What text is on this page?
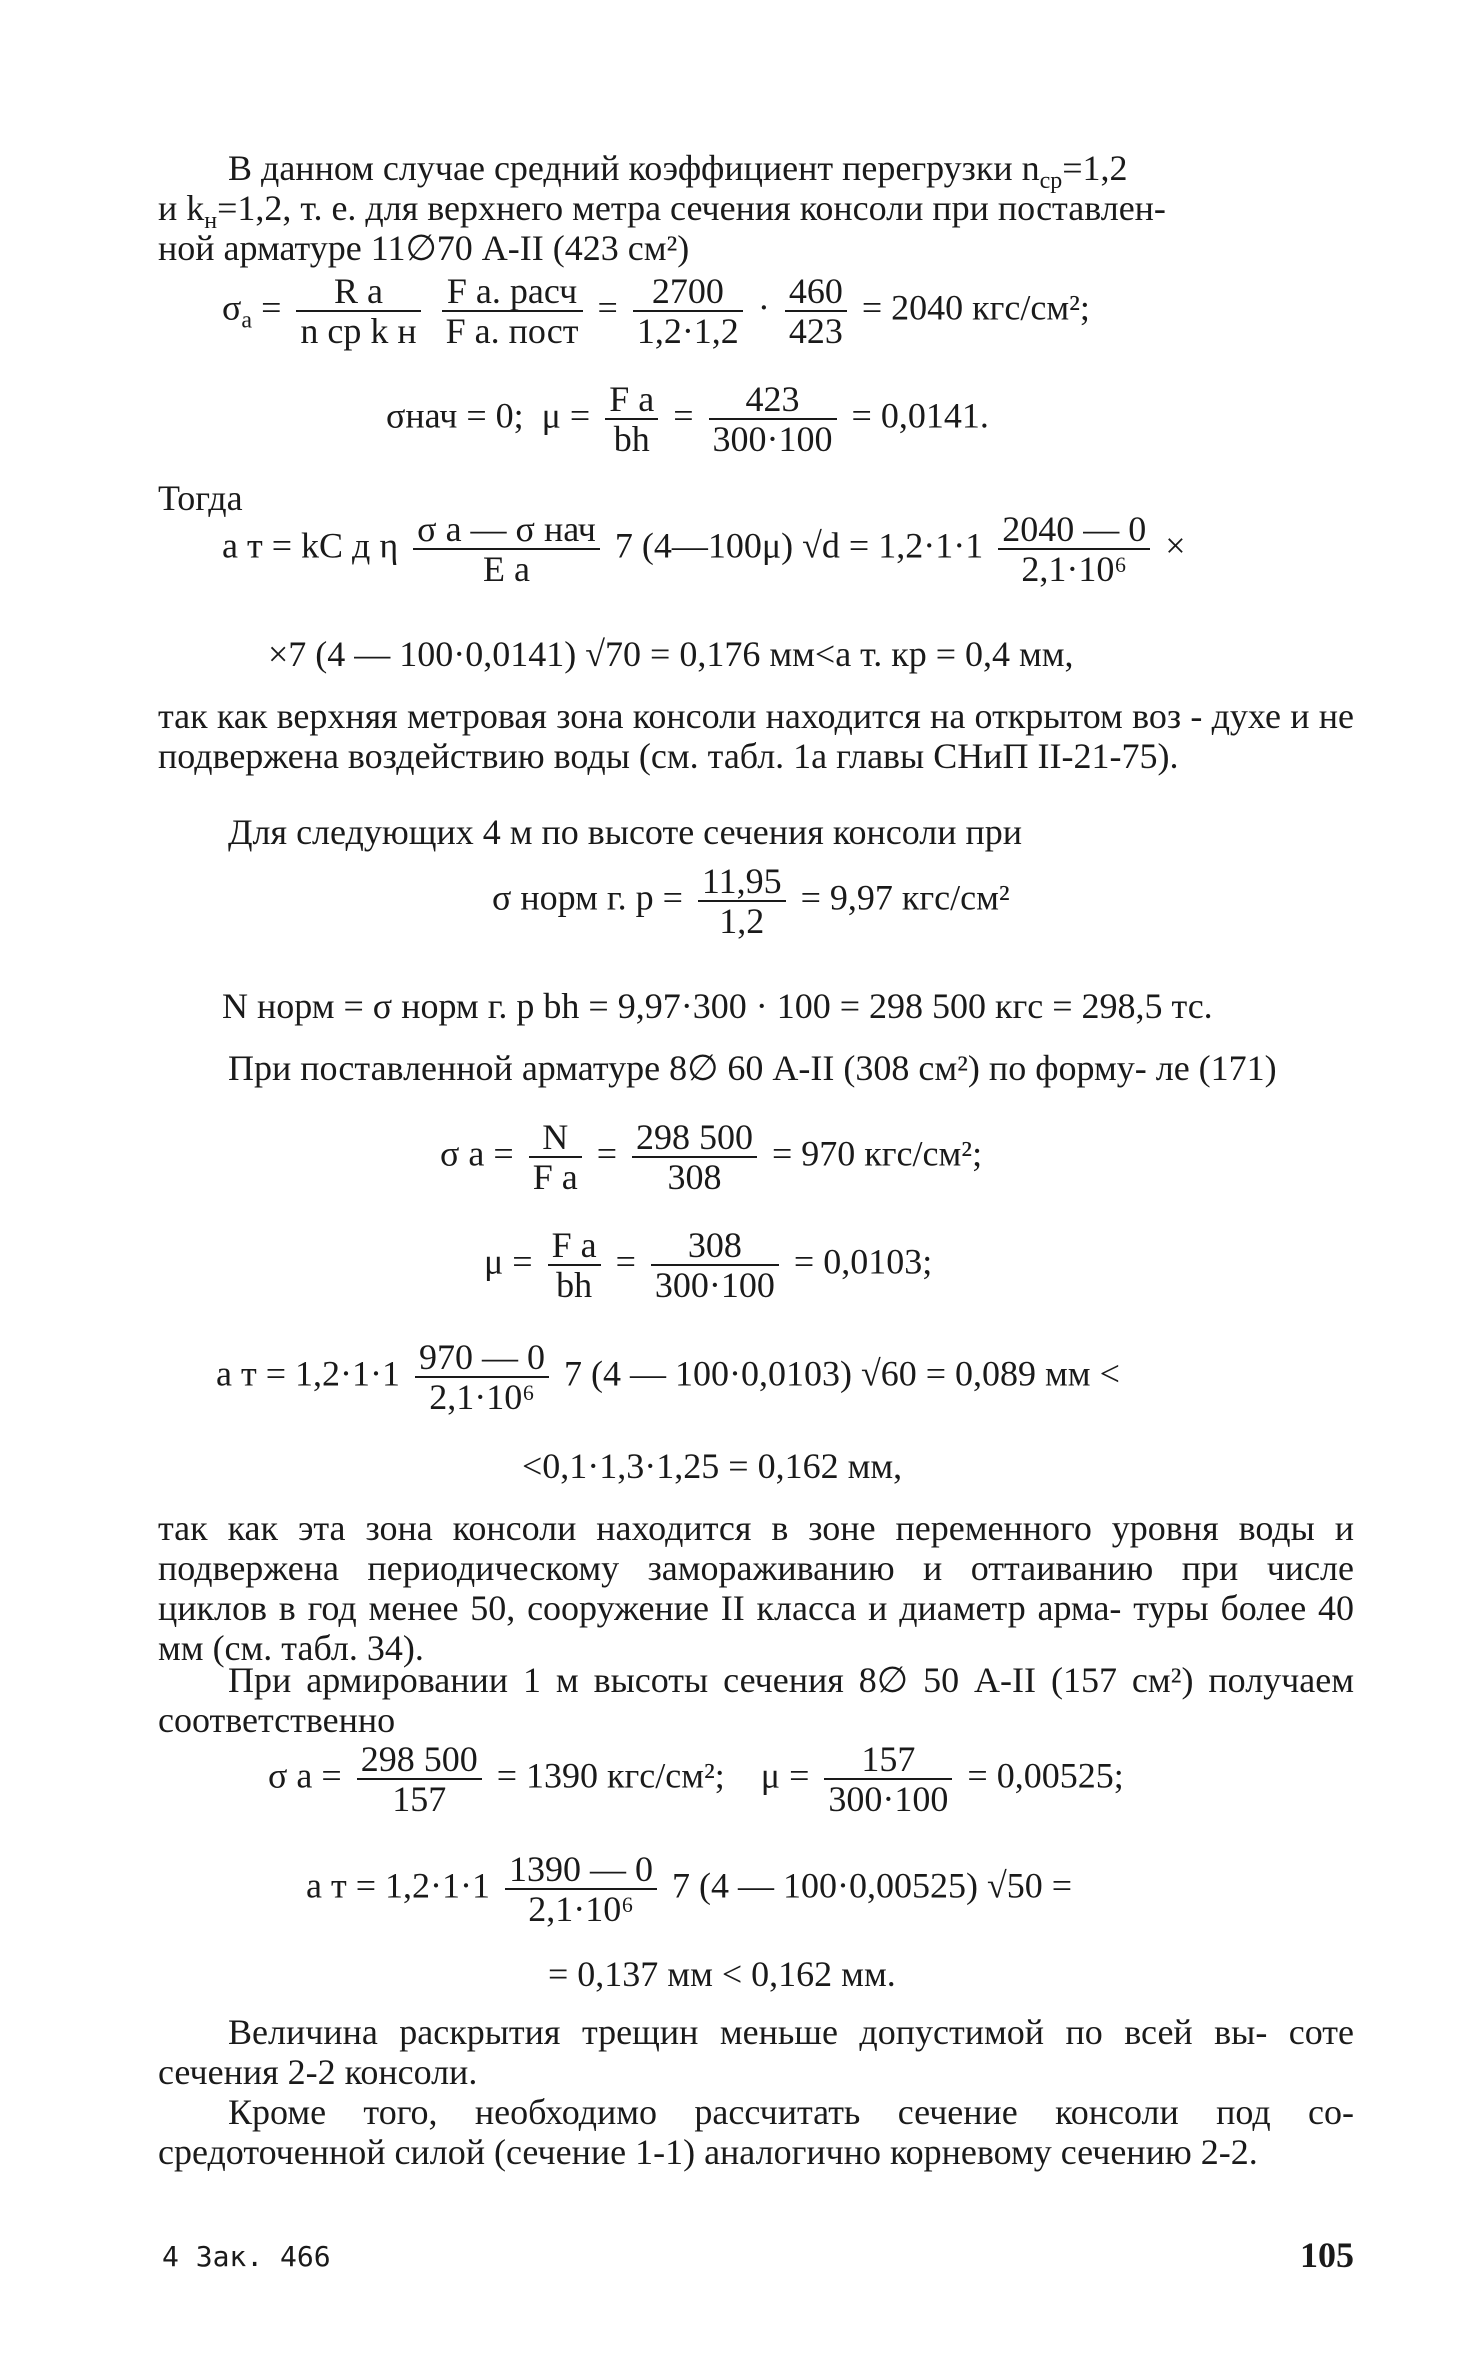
В данном случае средний коэффициент перегрузки $n_{ср}=1,2$
и $k_н=1,2$, т. е. для верхнего метра сечения консоли при поставлен-
ной арматуре 11∅70 А-II (423 см²)
$\sigma_а = \frac{\text{R а}}{\text{n ср k н}}$
$\frac{\text{F а. расч}}{\text{F а. пост}} = \frac{2700}{1,2\cdot 1,2} \cdot \frac{460}{423} = 2040$ кгс/см²;
σнач = 0; $\mu = \frac{\text{F а}}{bh} = \frac{423}{300\cdot 100} = 0,0141$.
Тогда
a т = kC д η $\frac{\text{σ а — σ нач}}{\text{E а}} 7$ (4—100μ) $√d = 1,2\cdot 1\cdot 1 \frac{2040 — 0}{\text{2,1·10⁶}}$ ×
×7 (4 — 100·0,0141) √70 = 0,176 мм<a т. кр = 0,4 мм,
так как верхняя метровая зона консоли находится на открытом воз - духе и не подвержена воздействию воды (см. табл. 1а главы СНиП II-21-75).
Для следующих 4 м по высоте сечения консоли при
σ норм г. $р = \frac{11,95}{1,2} = 9,97$ кгс/см²
N норм = σ норм г. р bh = 9,97·300 · 100 = 298 500 кгс = 298,5 тс.
При поставленной арматуре 8∅ 60 А-II (308 см²) по форму- ле (171)
σ $а = \frac{N}{\text{F а}} = \frac{298 500}{308} = 970$ кгс/см²;
$\mu = \frac{\text{F а}}{bh} = \frac{308}{300\cdot 100} = 0,0103$;
a $т = 1,2\cdot 1\cdot 1 \frac{970 — 0}{\text{2,1·10⁶}} 7$ (4 — 100·0,0103) √60 = 0,089 мм <
<0,1·1,3·1,25 = 0,162 мм,
так как эта зона консоли находится в зоне переменного уровня воды и подвержена периодическому замораживанию и оттаиванию при числе циклов в год менее 50, сооружение II класса и диаметр арма- туры более 40 мм (см. табл. 34).
При армировании 1 м высоты сечения 8∅ 50 А-II (157 см²) получаем соответственно
σ $а = \frac{298 500}{157} = 1390$ кгс/см²; $\mu = \frac{157}{300\cdot 100} = 0,00525$;
a $т = 1,2\cdot 1\cdot 1 \frac{1390 — 0}{\text{2,1·10⁶}} 7$ (4 — 100·0,00525) √50 =
= 0,137 мм < 0,162 мм.
Величина раскрытия трещин меньше допустимой по всей вы- соте сечения 2-2 консоли.
Кроме того, необходимо рассчитать сечение консоли под со- средоточенной силой (сечение 1-1) аналогично корневому сечению 2-2.
4 Зак. 466	105
